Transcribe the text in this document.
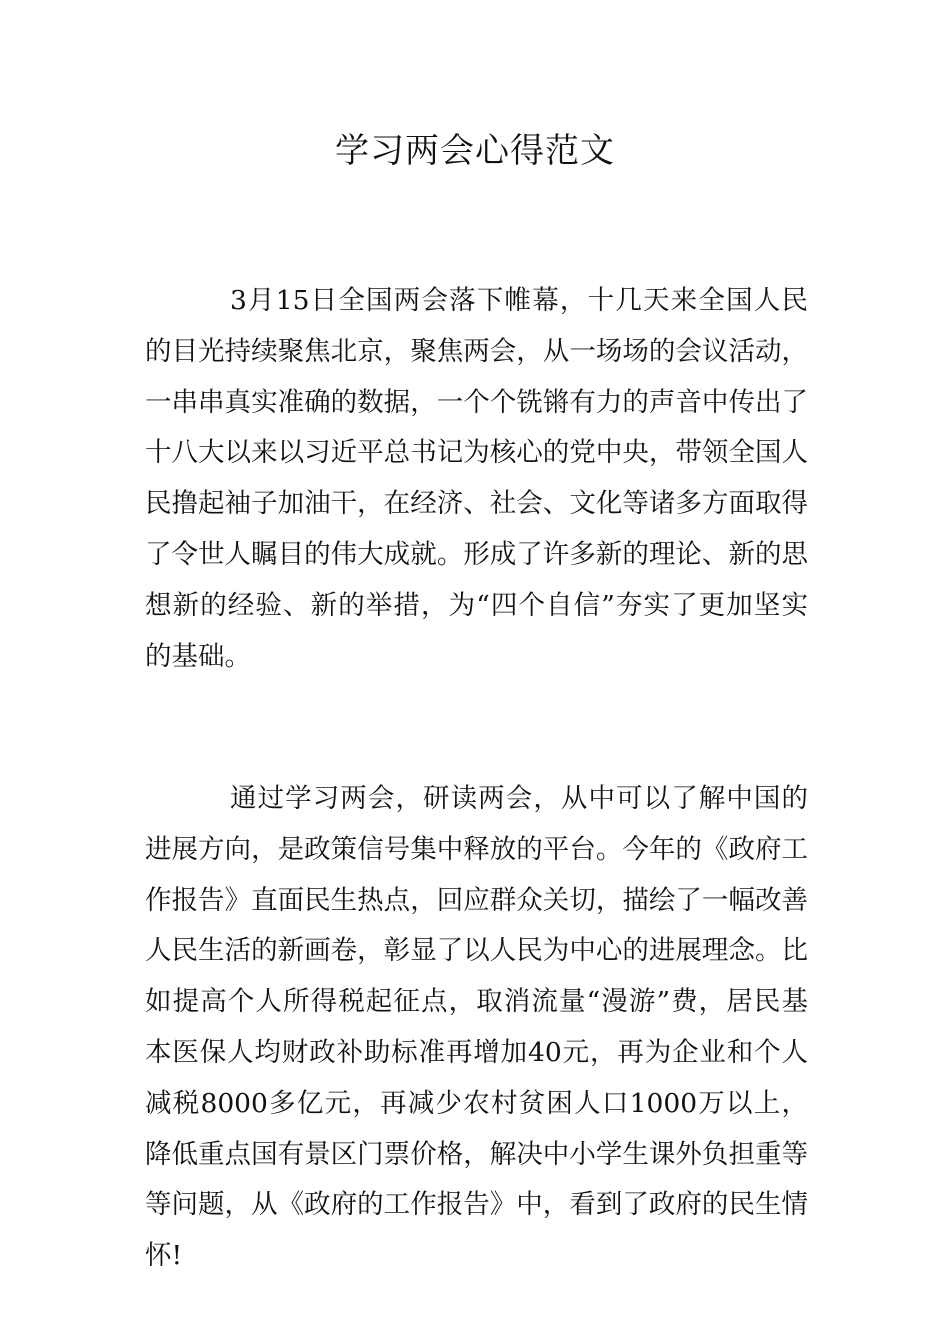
学习两会心得范文

3月15日全国两会落下帷幕，十几天来全国人民的目光持续聚焦北京，聚焦两会，从一场场的会议活动，一串串真实准确的数据，一个个铣锵有力的声音中传出了十八大以来以习近平总书记为核心的党中央，带领全国人民撸起袖子加油干，在经济、社会、文化等诸多方面取得了令世人瞩目的伟大成就。形成了许多新的理论、新的思想新的经验、新的举措，为“四个自信”夯实了更加坚实的基础。

通过学习两会，研读两会，从中可以了解中国的进展方向，是政策信号集中释放的平台。今年的《政府工作报告》直面民生热点，回应群众关切，描绘了一幅改善人民生活的新画卷，彰显了以人民为中心的进展理念。比如提高个人所得税起征点，取消流量“漫游”费，居民基本医保人均财政补助标准再增加40元，再为企业和个人减税8000多亿元，再减少农村贫困人口1000万以上，降低重点国有景区门票价格，解决中小学生课外负担重等等问题，从《政府的工作报告》中，看到了政府的民生情怀!
